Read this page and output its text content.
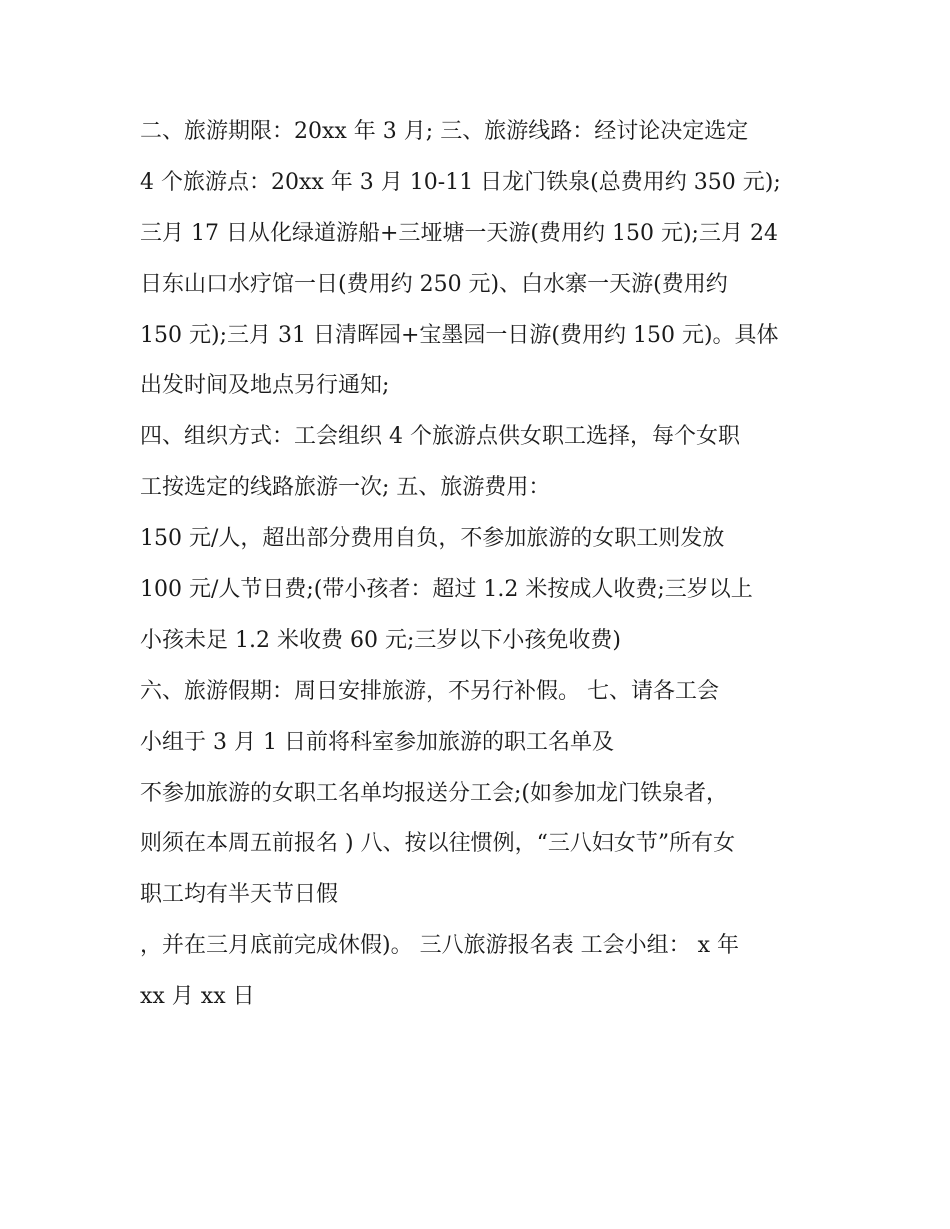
二、旅游期限：20xx 年 3 月; 三、旅游线路：经讨论决定选定
4 个旅游点：20xx 年 3 月 10-11 日龙门铁泉(总费用约 350 元);
三月 17 日从化绿道游船+三垭塘一天游(费用约 150 元);三月 24
日东山口水疗馆一日(费用约 250 元)、白水寨一天游(费用约
150 元);三月 31 日清晖园+宝墨园一日游(费用约 150 元)。具体
出发时间及地点另行通知;
四、组织方式：工会组织 4 个旅游点供女职工选择，每个女职
工按选定的线路旅游一次; 五、旅游费用：
150 元/人，超出部分费用自负，不参加旅游的女职工则发放
100 元/人节日费;(带小孩者：超过 1.2 米按成人收费;三岁以上
小孩未足 1.2 米收费 60 元;三岁以下小孩免收费)
六、旅游假期：周日安排旅游，不另行补假。 七、请各工会
小组于 3 月 1 日前将科室参加旅游的职工名单及
不参加旅游的女职工名单均报送分工会;(如参加龙门铁泉者，
则须在本周五前报名 ) 八、按以往惯例，“三八妇女节”所有女
职工均有半天节日假
，并在三月底前完成休假)。 三八旅游报名表 工会小组： x 年
xx 月 xx 日
